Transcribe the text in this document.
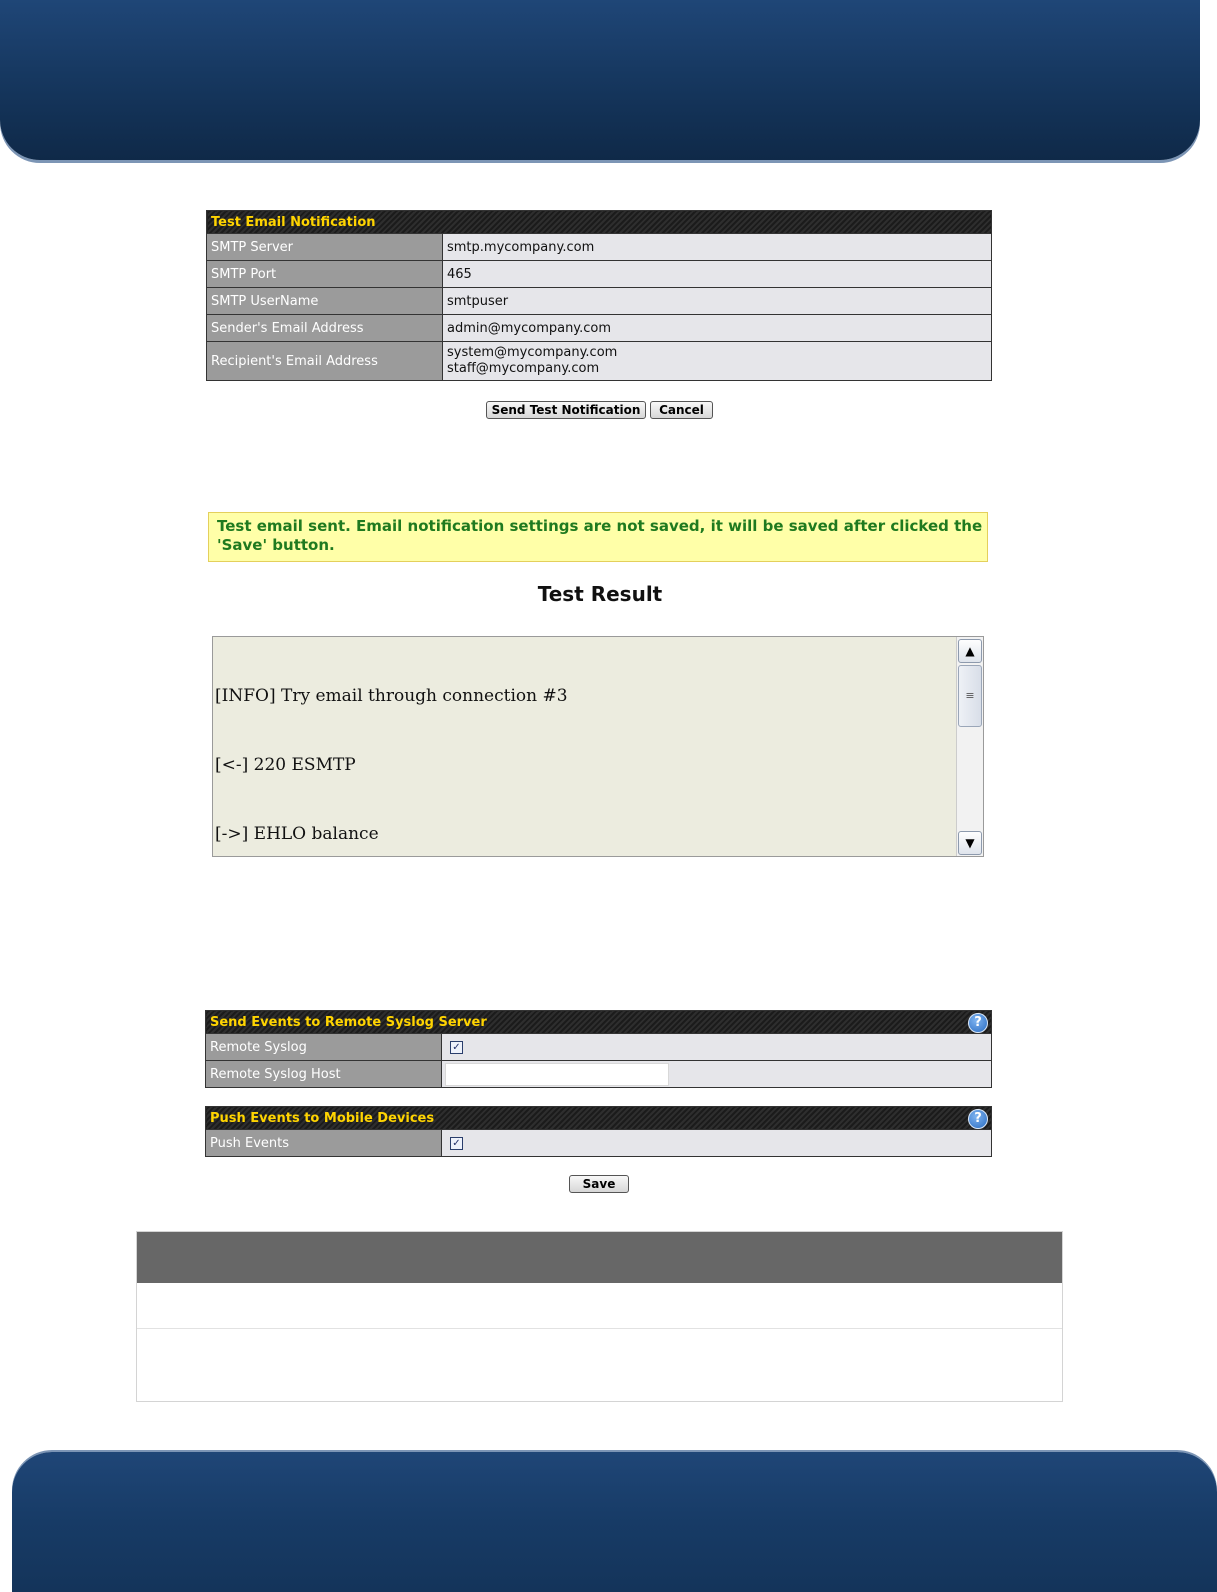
Test Email Notification	
SMTP Server	smtp.mycompany.com
SMTP Port	465
SMTP UserName	smtpuser
Sender's Email Address	admin@mycompany.com
Recipient's Email Address	system@mycompany.com
staff@mycompany.com
Send Test Notification	Cancel
Test email sent. Email notification settings are not saved, it will be saved after clicked the 'Save' button.
Test Result

[INFO] Try email through connection #3

[<-] 220 ESMTP

[->] EHLO balance

▲
≡
▼
Send Events to Remote Syslog Server ?	

Remote Syslog	✓
Remote Syslog Host	
Push Events to Mobile Devices	?

Push Events	✓
Save
